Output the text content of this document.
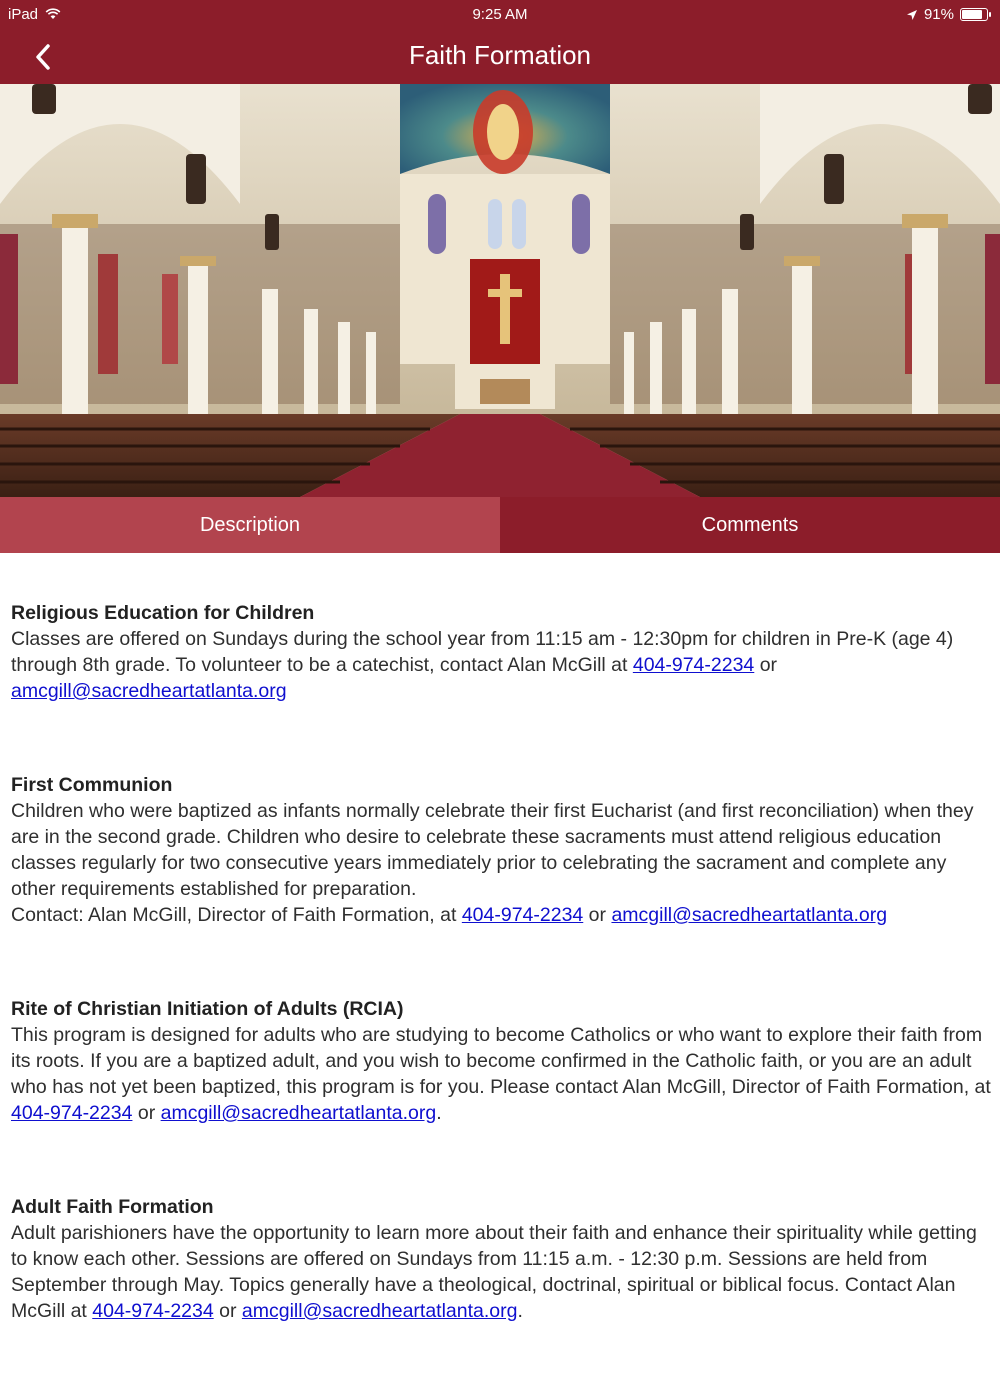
iPad	9:25 AM	91%
Faith Formation
Description	Comments
Religious Education for Children

Classes are offered on Sundays during the school year from 11:15 am - 12:30pm for children in Pre-K (age 4) through 8th grade. To volunteer to be a catechist, contact Alan McGill at 404-974-2234 or amcgill@sacredheartatlanta.org

First Communion

Children who were baptized as infants normally celebrate their first Eucharist (and first reconciliation) when they are in the second grade. Children who desire to celebrate these sacraments must attend religious education classes regularly for two consecutive years immediately prior to celebrating the sacrament and complete any other requirements established for preparation.

Contact: Alan McGill, Director of Faith Formation, at 404-974-2234 or amcgill@sacredheartatlanta.org

Rite of Christian Initiation of Adults (RCIA)

This program is designed for adults who are studying to become Catholics or who want to explore their faith from its roots. If you are a baptized adult, and you wish to become confirmed in the Catholic faith, or you are an adult who has not yet been baptized, this program is for you. Please contact Alan McGill, Director of Faith Formation, at 404-974-2234 or amcgill@sacredheartatlanta.org.

Adult Faith Formation

Adult parishioners have the opportunity to learn more about their faith and enhance their spirituality while getting to know each other. Sessions are offered on Sundays from 11:15 a.m. - 12:30 p.m. Sessions are held from September through May. Topics generally have a theological, doctrinal, spiritual or biblical focus. Contact Alan McGill at 404-974-2234 or amcgill@sacredheartatlanta.org.
